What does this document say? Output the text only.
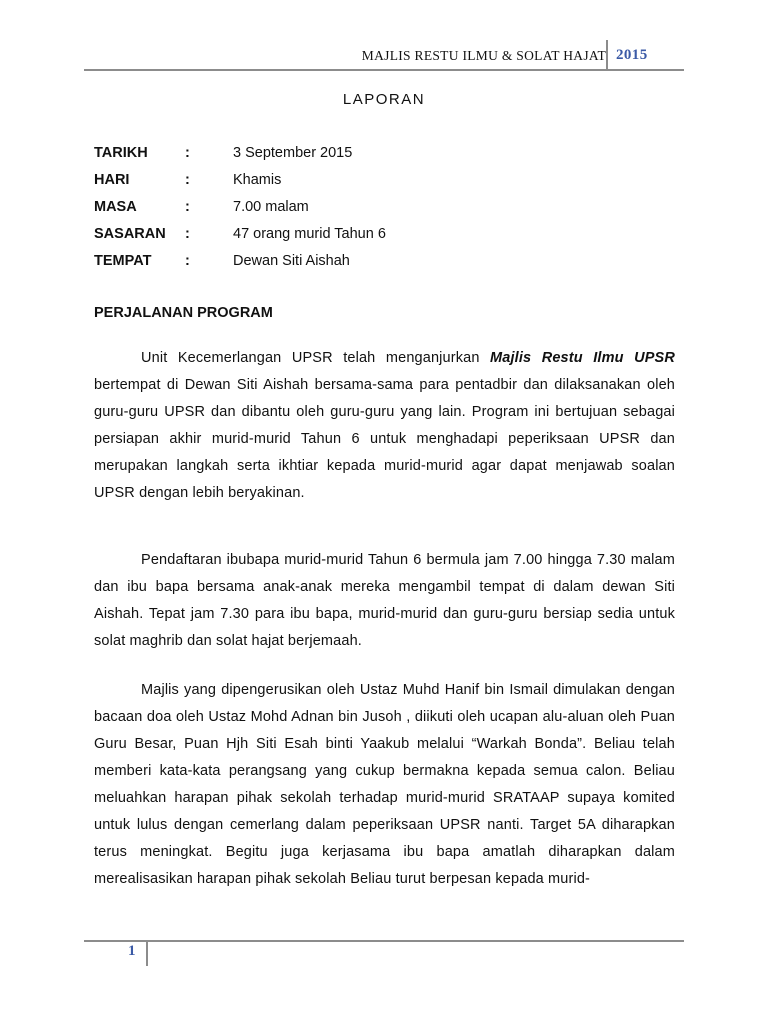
MAJLIS RESTU ILMU & SOLAT HAJAT 2015
LAPORAN
TARIKH	:	3 September 2015
HARI	:	Khamis
MASA	:	7.00 malam
SASARAN :	47 orang murid Tahun 6
TEMPAT :	Dewan Siti Aishah
PERJALANAN PROGRAM
Unit Kecemerlangan UPSR telah menganjurkan Majlis Restu Ilmu UPSR bertempat di Dewan Siti Aishah bersama-sama para pentadbir dan dilaksanakan oleh guru-guru UPSR dan dibantu oleh guru-guru yang lain. Program ini bertujuan sebagai persiapan akhir murid-murid Tahun 6 untuk menghadapi peperiksaan UPSR dan merupakan langkah serta ikhtiar kepada murid-murid agar dapat menjawab soalan UPSR dengan lebih beryakinan.
Pendaftaran ibubapa murid-murid Tahun 6 bermula jam 7.00 hingga 7.30 malam dan ibu bapa bersama anak-anak mereka mengambil tempat di dalam dewan Siti Aishah. Tepat jam 7.30 para ibu bapa, murid-murid dan guru-guru bersiap sedia untuk solat maghrib dan solat hajat berjemaah.
Majlis yang dipengerusikan oleh Ustaz Muhd Hanif bin Ismail dimulakan dengan bacaan doa oleh Ustaz Mohd Adnan bin Jusoh , diikuti oleh ucapan alu-aluan oleh Puan Guru Besar, Puan Hjh Siti Esah binti Yaakub melalui “Warkah Bonda”. Beliau telah memberi kata-kata perangsang yang cukup bermakna kepada semua calon. Beliau meluahkan harapan pihak sekolah terhadap murid-murid SRATAAP supaya komited untuk lulus dengan cemerlang dalam peperiksaan UPSR nanti. Target 5A diharapkan terus meningkat. Begitu juga kerjasama ibu bapa amatlah diharapkan dalam merealisasikan harapan pihak sekolah Beliau turut berpesan kepada murid-
1
